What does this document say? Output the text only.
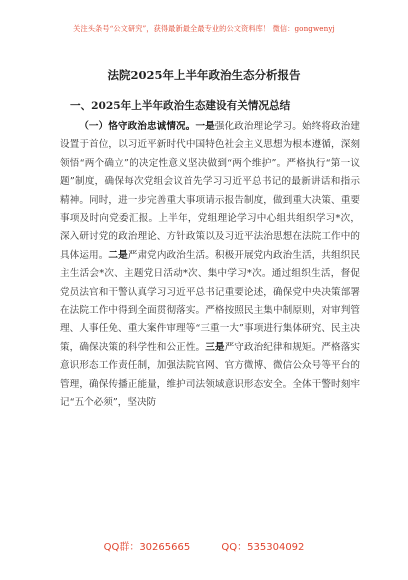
关注头条号“公文研究”，获得最新最全最专业的公文资料库！ 微信：gongwenyj
法院2025年上半年政治生态分析报告
一、2025年上半年政治生态建设有关情况总结
（一）恪守政治忠诚情况。一是强化政治理论学习。始终将政治建设置于首位，以习近平新时代中国特色社会主义思想为根本遵循，深刻领悟“两个确立”的决定性意义坚决做到“两个维护”。严格执行“第一议题”制度，确保每次党组会议首先学习习近平总书记的最新讲话和指示精神。同时，进一步完善重大事项请示报告制度，做到重大决策、重要事项及时向党委汇报。上半年，党组理论学习中心组共组织学习*次，深入研讨党的政治理论、方针政策以及习近平法治思想在法院工作中的具体运用。二是严肃党内政治生活。积极开展党内政治生活，共组织民主生活会*次、主题党日活动*次、集中学习*次。通过组织生活，督促党员法官和干警认真学习习近平总书记重要论述，确保党中央决策部署在法院工作中得到全面贯彻落实。严格按照民主集中制原则，对审判管理、人事任免、重大案件审理等“三重一大”事项进行集体研究、民主决策，确保决策的科学性和公正性。三是严守政治纪律和规矩。严格落实意识形态工作责任制，加强法院官网、官方微博、微信公众号等平台的管理，确保传播正能量，维护司法领域意识形态安全。全体干警时刻牢记“五个必须”，坚决防
QQ群：30265665	QQ：535304092
